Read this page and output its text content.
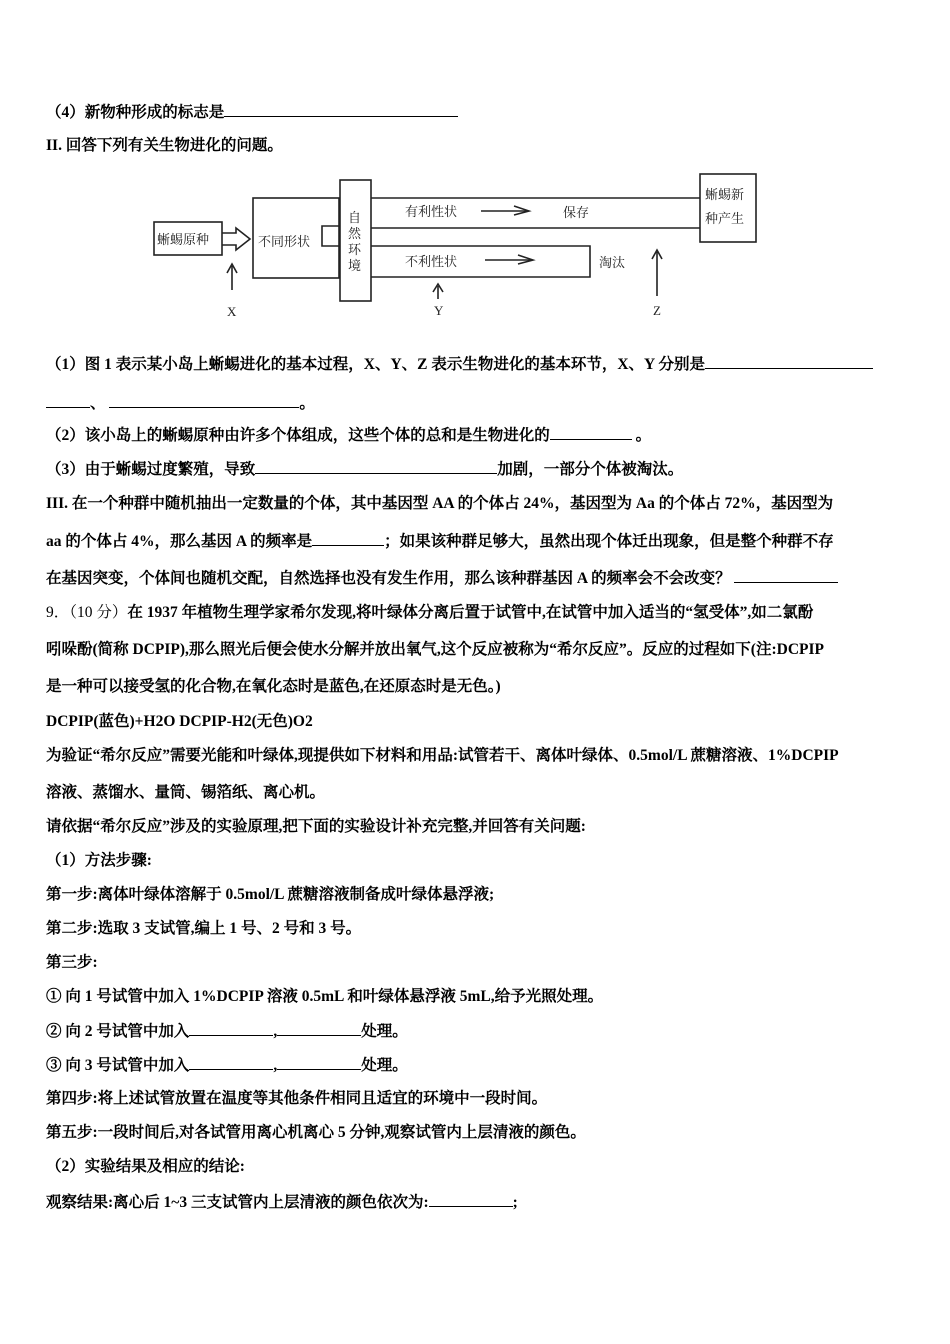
（4）新物种形成的标志是
II. 回答下列有关生物进化的问题。
蜥蜴原种	不同形状
自
然
环
境
有利性状	保存
不利性状	淘汰
蜥蜴新
种产生
X	Y	Z
（1）图 1 表示某小岛上蜥蜴进化的基本过程，X、Y、Z 表示生物进化的基本环节，X、Y 分别是
、	。
（2）该小岛上的蜥蜴原种由许多个体组成，这些个体的总和是生物进化的	。
（3）由于蜥蜴过度繁殖，导致	加剧，一部分个体被淘汰。
III. 在一个种群中随机抽出一定数量的个体，其中基因型 AA 的个体占 24%，基因型为 Aa 的个体占 72%，基因型为
aa 的个体占 4%，那么基因 A 的频率是	；如果该种群足够大，虽然出现个体迁出现象，但是整个种群不存
在基因突变，个体间也随机交配，自然选择也没有发生作用，那么该种群基因 A 的频率会不会改变？
9．（10 分）在 1937 年植物生理学家希尔发现,将叶绿体分离后置于试管中,在试管中加入适当的“氢受体”,如二氯酚
吲哚酚(简称 DCPIP),那么照光后便会使水分解并放出氧气,这个反应被称为“希尔反应”。反应的过程如下(注:DCPIP
是一种可以接受氢的化合物,在氧化态时是蓝色,在还原态时是无色。)
DCPIP(蓝色)+H2O DCPIP-H2(无色)O2
为验证“希尔反应”需要光能和叶绿体,现提供如下材料和用品:试管若干、离体叶绿体、0.5mol/L 蔗糖溶液、1%DCPIP
溶液、蒸馏水、量筒、锡箔纸、离心机。
请依据“希尔反应”涉及的实验原理,把下面的实验设计补充完整,并回答有关问题:
（1）方法步骤:
第一步:离体叶绿体溶解于 0.5mol/L 蔗糖溶液制备成叶绿体悬浮液;
第二步:选取 3 支试管,编上 1 号、2 号和 3 号。
第三步:
① 向 1 号试管中加入 1%DCPIP 溶液 0.5mL 和叶绿体悬浮液 5mL,给予光照处理。
② 向 2 号试管中加入	,	处理。
③ 向 3 号试管中加入	,	处理。
第四步:将上述试管放置在温度等其他条件相同且适宜的环境中一段时间。
第五步:一段时间后,对各试管用离心机离心 5 分钟,观察试管内上层清液的颜色。
（2）实验结果及相应的结论:
观察结果:离心后 1~3 三支试管内上层清液的颜色依次为:	;
